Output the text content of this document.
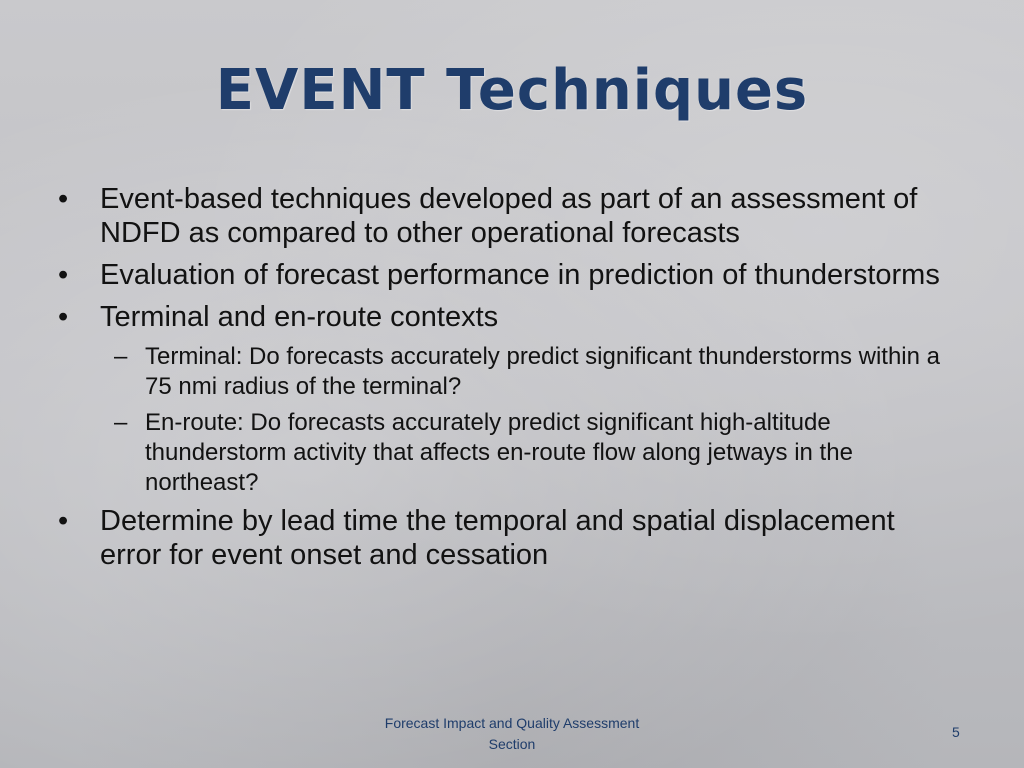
EVENT Techniques
• Event-based techniques developed as part of an assessment of NDFD as compared to other operational forecasts
• Evaluation of forecast performance in prediction of thunderstorms
• Terminal and en-route contexts
– Terminal: Do forecasts accurately predict significant thunderstorms within a 75 nmi radius of the terminal?
– En-route: Do forecasts accurately predict significant high-altitude thunderstorm activity that affects en-route flow along jetways in the northeast?
• Determine by lead time the temporal and spatial displacement error for event onset and cessation
Forecast Impact and Quality Assessment Section
5
